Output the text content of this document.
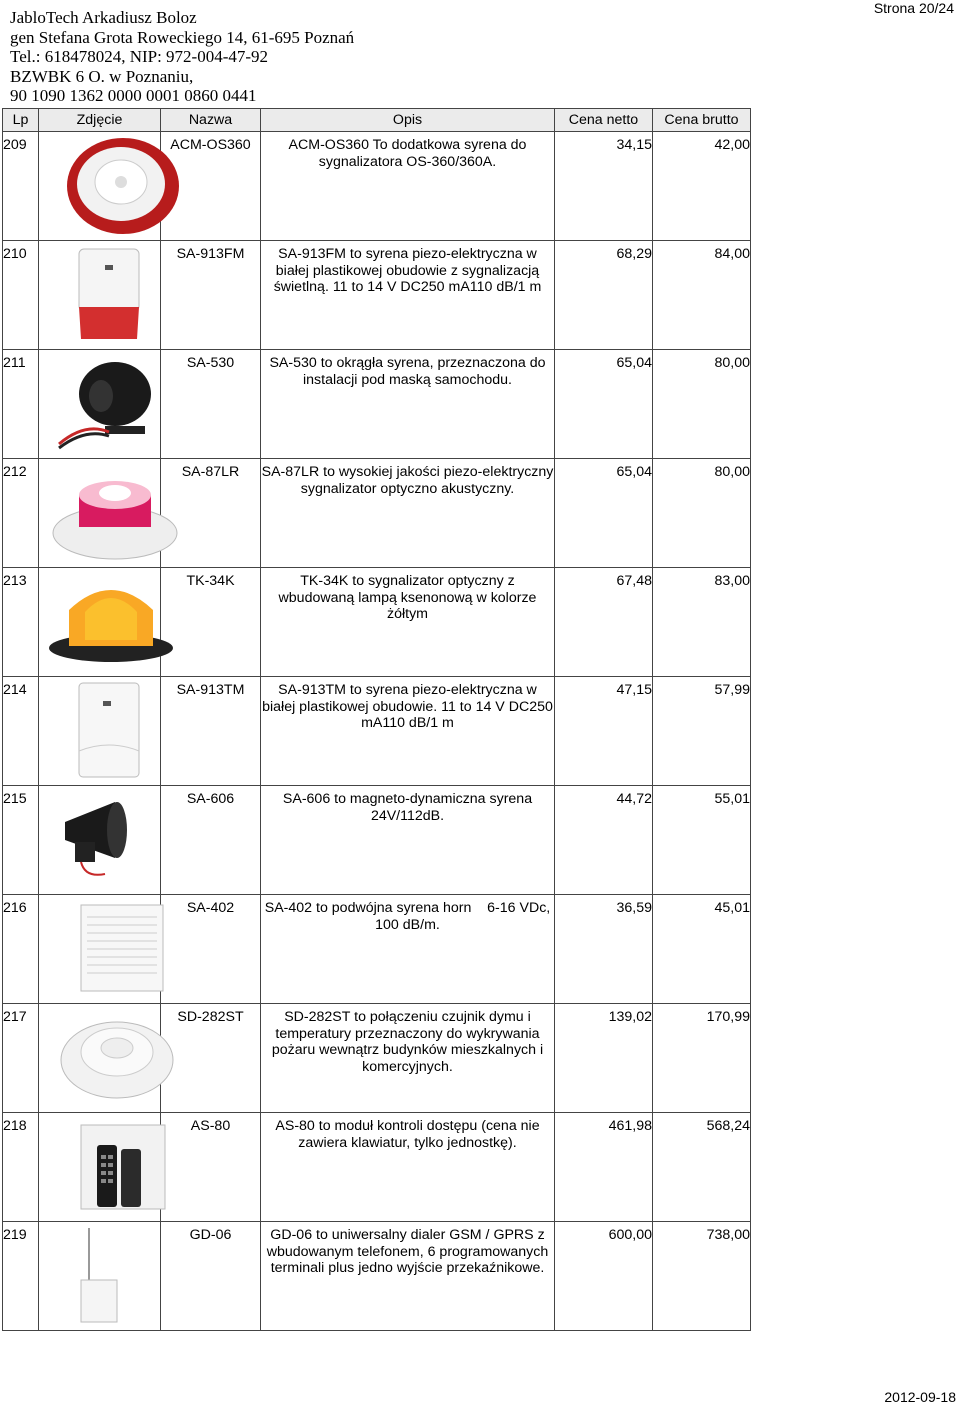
JabloTech Arkadiusz Boloz
gen Stefana Grota Roweckiego 14, 61-695 Poznań
Tel.: 618478024, NIP: 972-004-47-92
BZWBK 6 O. w Poznaniu,
90 1090 1362 0000 0001 0860 0441
Strona 20/24
Lp	Zdjęcie	Nazwa	Opis	Cena netto	Cena brutto
209		ACM-OS360	ACM-OS360 To dodatkowa syrena do sygnalizatora OS-360/360A.	34,15	42,00
210		SA-913FM	SA-913FM to syrena piezo-elektryczna w białej plastikowej obudowie z sygnalizacją świetlną. 11 to 14 V DC250 mA110 dB/1 m	68,29	84,00
211		SA-530	SA-530 to okrągła syrena, przeznaczona do instalacji pod maską samochodu.	65,04	80,00
212		SA-87LR	SA-87LR to wysokiej jakości piezo-elektryczny sygnalizator optyczno akustyczny.	65,04	80,00
213		TK-34K	TK-34K to sygnalizator optyczny z wbudowaną lampą ksenonową w kolorze żółtym	67,48	83,00
214		SA-913TM	SA-913TM to syrena piezo-elektryczna w białej plastikowej obudowie. 11 to 14 V DC250 mA110 dB/1 m	47,15	57,99
215		SA-606	SA-606 to magneto-dynamiczna syrena 24V/112dB.	44,72	55,01
216		SA-402	SA-402 to podwójna syrena horn    6-16 VDc, 100 dB/m.	36,59	45,01
217		SD-282ST	SD-282ST to połączeniu czujnik dymu i temperatury przeznaczony do wykrywania pożaru wewnątrz budynków mieszkalnych i komercyjnych.	139,02	170,99
218		AS-80	AS-80 to moduł kontroli dostępu (cena nie zawiera klawiatur, tylko jednostkę).	461,98	568,24
219		GD-06	GD-06 to uniwersalny dialer GSM / GPRS z wbudowanym telefonem, 6 programowanych terminali plus jedno wyjście przekaźnikowe.	600,00	738,00
2012-09-18
